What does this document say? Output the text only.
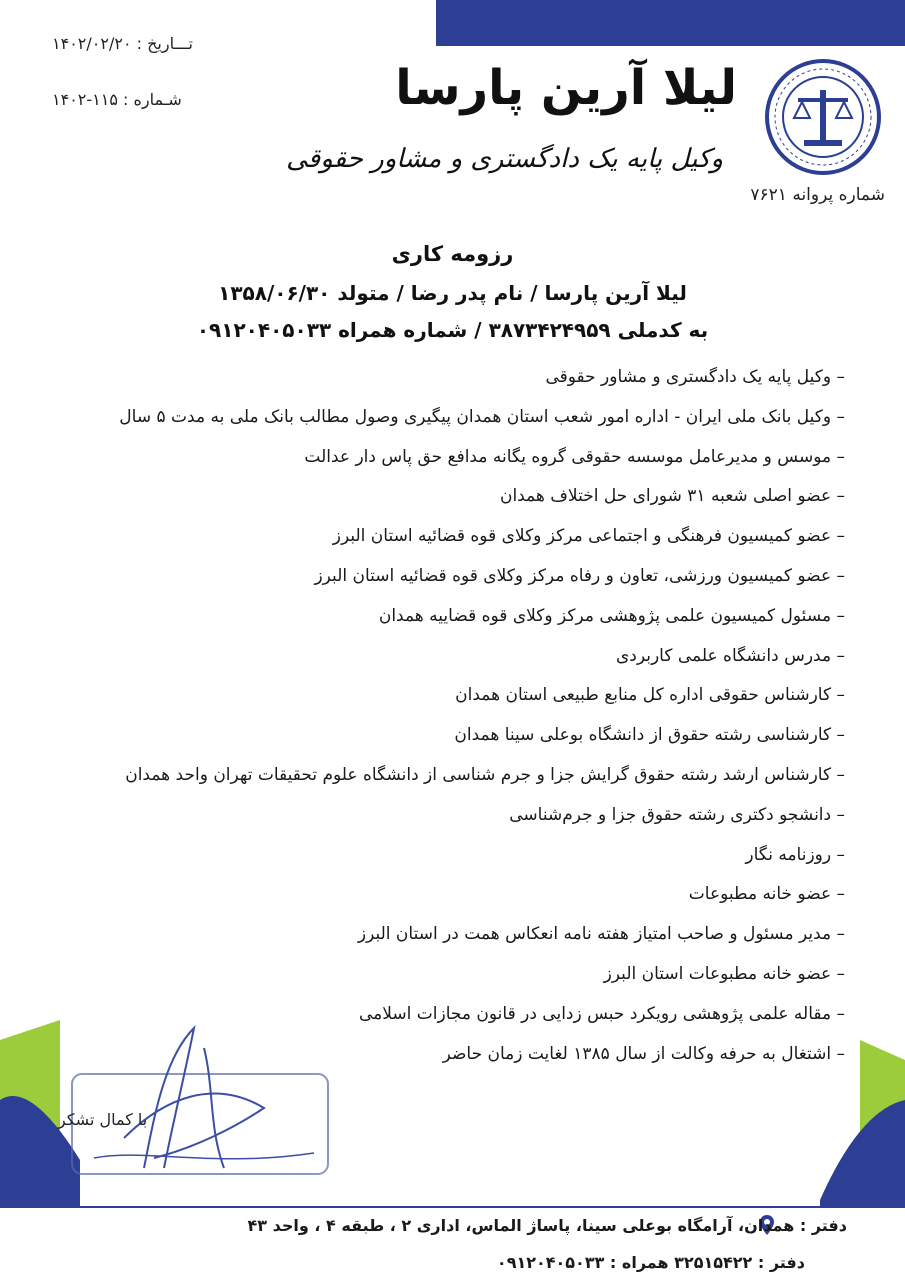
تـــاریخ : ۱۴۰۲/۰۲/۲۰
شـماره : ۱۱۵-۱۴۰۲	لیلا آرین پارسا
وکیل پایه یک دادگستری و مشاور حقوقی
شماره پروانه ۷۶۲۱
رزومه کاری
لیلا آرین پارسا / نام پدر رضا / متولد ۱۳۵۸/۰۶/۳۰
به کدملی ۳۸۷۳۴۲۴۹۵۹ / شماره همراه ۰۹۱۲۰۴۰۵۰۳۳
– وکیل پایه یک دادگستری و مشاور حقوقی
– وکیل بانک ملی ایران - اداره امور شعب استان همدان پیگیری وصول مطالب بانک ملی به مدت ۵ سال
– موسس و مدیرعامل موسسه حقوقی گروه یگانه مدافع حق پاس دار عدالت
– عضو اصلی شعبه ۳۱ شورای حل اختلاف همدان
– عضو کمیسیون فرهنگی و اجتماعی مرکز وکلای قوه قضائیه استان البرز
– عضو کمیسیون ورزشی، تعاون و رفاه مرکز وکلای قوه قضائیه استان البرز
– مسئول کمیسیون علمی پژوهشی مرکز وکلای قوه قضاییه همدان
– مدرس دانشگاه علمی کاربردی
– کارشناس حقوقی اداره کل منابع طبیعی استان همدان
– کارشناسی رشته حقوق از دانشگاه بوعلی سینا همدان
– کارشناس ارشد رشته حقوق گرایش جزا و جرم شناسی از دانشگاه علوم تحقیقات تهران واحد همدان
– دانشجو دکتری رشته حقوق جزا و جرم‌شناسی
– روزنامه نگار
– عضو خانه مطبوعات
– مدیر مسئول و صاحب امتیاز هفته نامه انعکاس همت در استان البرز
– عضو خانه مطبوعات استان البرز
– مقاله علمی پژوهشی رویکرد حبس زدایی در قانون مجازات اسلامی
– اشتغال به حرفه وکالت از سال ۱۳۸۵ لغایت زمان حاضر
با کمال تشکر
دفتر : همدان، آرامگاه بوعلی سینا، پاساژ الماس، اداری ۲ ، طبقه ۴ ، واحد ۴۳
دفتر : ۳۲۵۱۵۴۲۲ همراه : ۰۹۱۲۰۴۰۵۰۳۳
